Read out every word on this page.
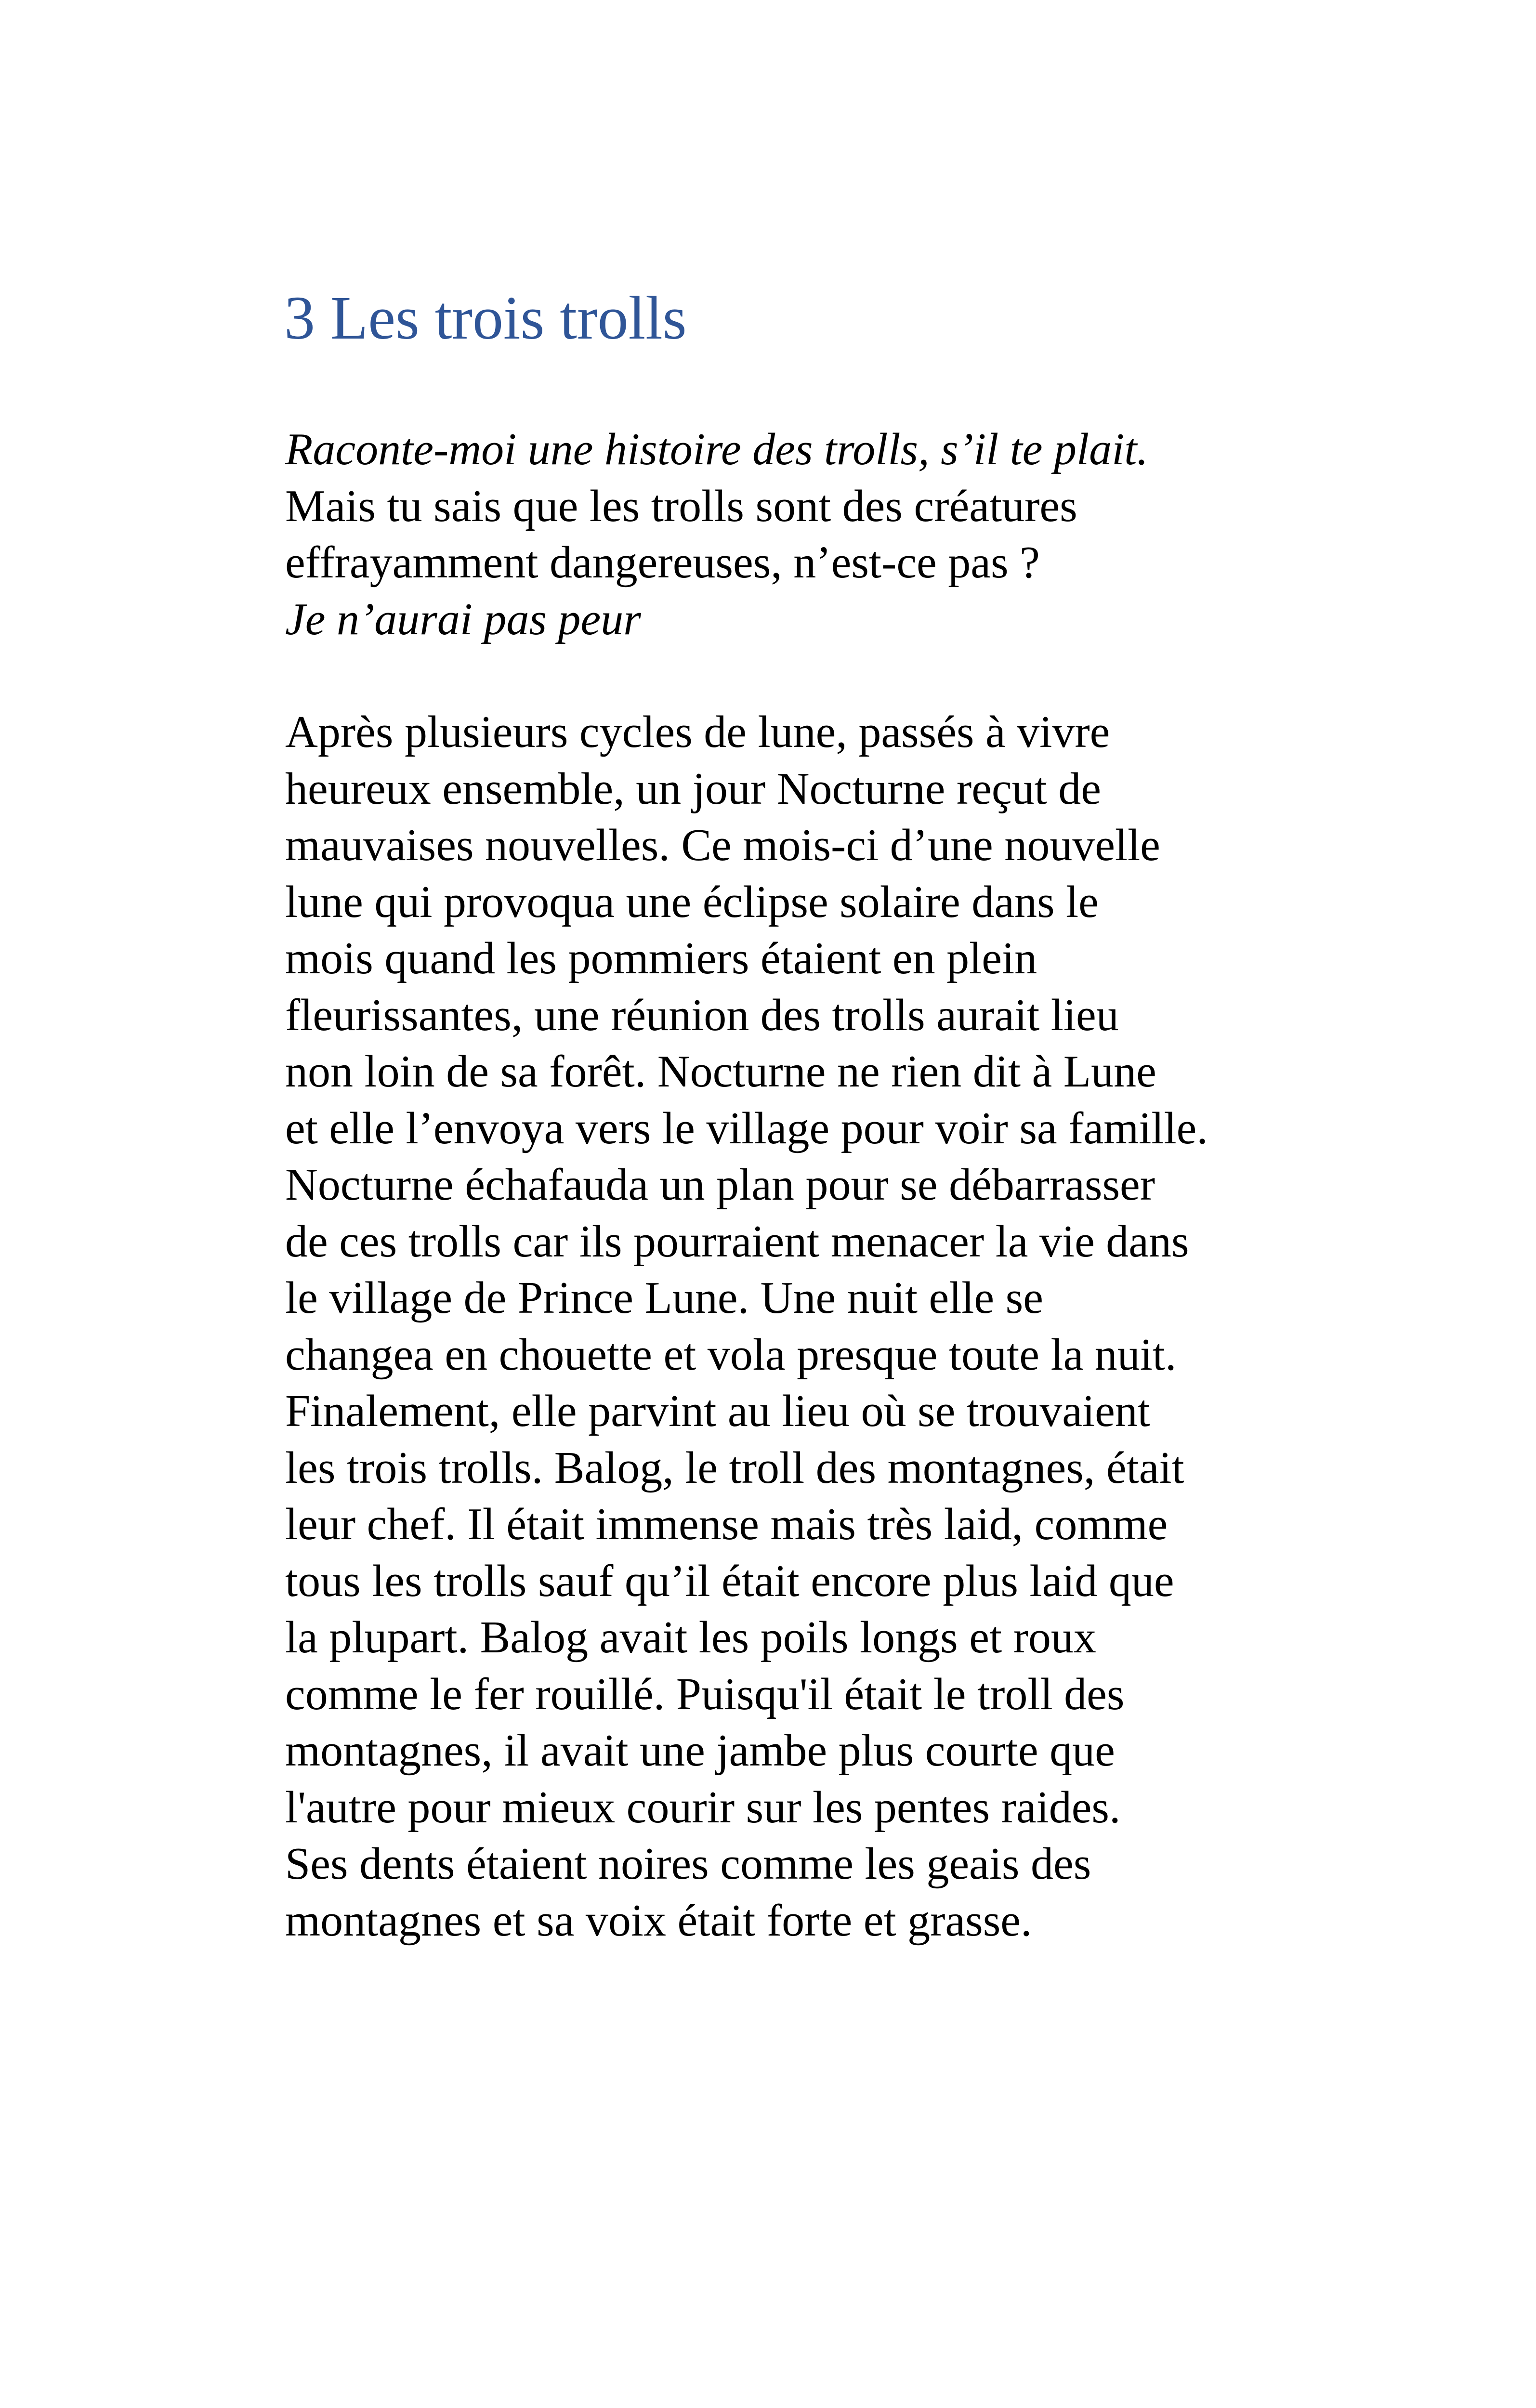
3 Les trois trolls
Raconte-moi une histoire des trolls, s’il te plait.
Mais tu sais que les trolls sont des créatures
effrayamment dangereuses, n’est-ce pas ?
Je n’aurai pas peur
Après plusieurs cycles de lune, passés à vivre
heureux ensemble, un jour Nocturne reçut de
mauvaises nouvelles. Ce mois-ci d’une nouvelle
lune qui provoqua une éclipse solaire dans le
mois quand les pommiers étaient en plein
fleurissantes, une réunion des trolls aurait lieu
non loin de sa forêt. Nocturne ne rien dit à Lune
et elle l’envoya vers le village pour voir sa famille.
Nocturne échafauda un plan pour se débarrasser
de ces trolls car ils pourraient menacer la vie dans
le village de Prince Lune. Une nuit elle se
changea en chouette et vola presque toute la nuit.
Finalement, elle parvint au lieu où se trouvaient
les trois trolls. Balog, le troll des montagnes, était
leur chef. Il était immense mais très laid, comme
tous les trolls sauf qu’il était encore plus laid que
la plupart. Balog avait les poils longs et roux
comme le fer rouillé. Puisqu'il était le troll des
montagnes, il avait une jambe plus courte que
l'autre pour mieux courir sur les pentes raides.
Ses dents étaient noires comme les geais des
montagnes et sa voix était forte et grasse.
